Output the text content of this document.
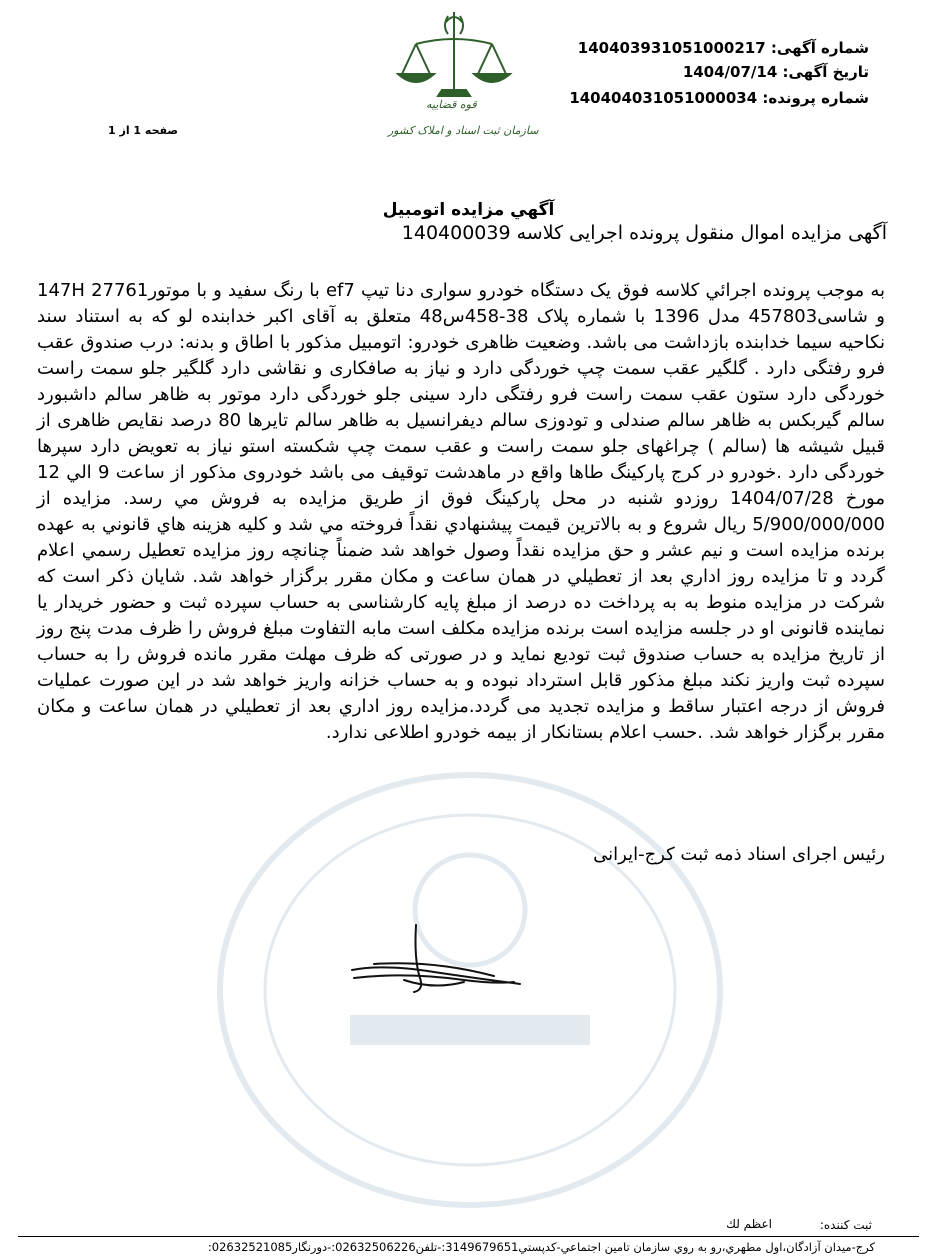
شماره آگهی: 14040393105100021​7
تاریخ آگهی: 1404/07/14
شماره پرونده: 14040403105100003​4
صفحه 1 از 1
قوه قضاییه
سازمان ثبت اسناد و املاک کشور
آگهي مزايده اتومبيل
آگهی مزایده اموال منقول پرونده اجرایی کلاسه 140400039
به موجب پرونده اجرائي کلاسه فوق يک دستگاه خودرو سواری دنا تيپ ef7 با رنگ سفيد و با موتور147H 27761 و شاسی457803 مدل 1396 با شماره پلاک 38-458س48 متعلق به آقای اکبر خدابنده لو که به استناد سند نکاحيه سيما خدابنده بازداشت می باشد. وضعيت ظاهری خودرو: اتومبيل مذکور با اطاق و بدنه: درب صندوق عقب فرو رفتگی دارد . گلگير عقب سمت چپ خوردگی دارد و نياز به صافکاری و نقاشی دارد گلگير جلو سمت راست خوردگی دارد ستون عقب سمت راست فرو رفتگی دارد سينی جلو خوردگی دارد موتور به ظاهر سالم داشبورد سالم گيربکس به ظاهر سالم صندلی و تودوزی سالم ديفرانسيل به ظاهر سالم تايرها 80 درصد نقايص ظاهری از قبيل شيشه ها (سالم ) چراغهای جلو سمت راست و عقب سمت چپ شکسته استو نياز به تعويض دارد سپرها خوردگی دارد .خودرو در کرج پارکينگ طاها واقع در ماهدشت توقيف می باشد خودروی مذکور از ساعت 9 الي 12 مورخ 1404/07/28 روزدو شنبه در محل پارکينگ فوق از طريق مزايده به فروش مي رسد. مزايده از 5/900/000/000 ريال شروع و به بالاترين قيمت پيشنهادي نقداً فروخته مي شد و کليه هزينه هاي قانوني به عهده برنده مزايده است و نيم عشر و حق مزايده نقداً وصول خواهد شد ضمناً چنانچه روز مزايده تعطيل رسمي اعلام گردد و تا مزايده روز اداري بعد از تعطيلي در همان ساعت و مکان مقرر برگزار خواهد شد. شايان ذکر است که شرکت در مزايده منوط به به پرداخت ده درصد از مبلغ پايه کارشناسی به حساب سپرده ثبت و حضور خريدار يا نماينده قانونی او در جلسه مزايده است برنده مزايده مکلف است مابه التفاوت مبلغ فروش را ظرف مدت پنج روز از تاريخ مزايده به حساب صندوق ثبت توديع نمايد و در صورتی که ظرف مهلت مقرر مانده فروش را به حساب سپرده ثبت واريز نکند مبلغ مذکور قابل استرداد نبوده و به حساب خزانه واريز خواهد شد در اين صورت عمليات فروش از درجه اعتبار ساقط و مزايده تجديد می گردد.مزايده روز اداري بعد از تعطيلي در همان ساعت و مکان مقرر برگزار خواهد شد. .حسب اعلام بستانکار از بيمه خودرو اطلاعی ندارد.
رئيس اجرای اسناد ذمه ثبت کرج-ايرانی
ثبت کننده:
اعظم لك
کرج-ميدان آزادگان،اول مطهري،رو به روي سازمان تامين اجتماعي-کدپستي3149679651:-تلفن02632506226:-دورنگار02632521085:
